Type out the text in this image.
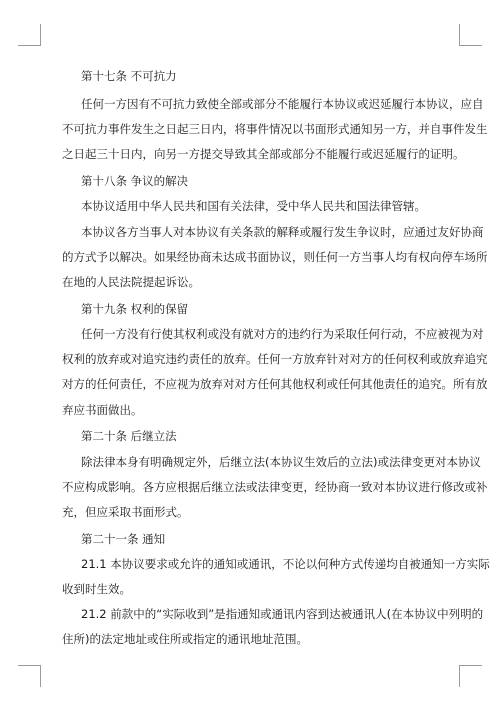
第十七条 不可抗力
任何一方因有不可抗力致使全部或部分不能履行本协议或迟延履行本协议，应自
不可抗力事件发生之日起三日内，将事件情况以书面形式通知另一方，并自事件发生
之日起三十日内，向另一方提交导致其全部或部分不能履行或迟延履行的证明。
第十八条 争议的解决
本协议适用中华人民共和国有关法律，受中华人民共和国法律管辖。
本协议各方当事人对本协议有关条款的解释或履行发生争议时，应通过友好协商
的方式予以解决。如果经协商未达成书面协议，则任何一方当事人均有权向停车场所
在地的人民法院提起诉讼。
第十九条 权利的保留
任何一方没有行使其权利或没有就对方的违约行为采取任何行动，不应被视为对
权利的放弃或对追究违约责任的放弃。任何一方放弃针对对方的任何权利或放弃追究
对方的任何责任，不应视为放弃对对方任何其他权利或任何其他责任的追究。所有放
弃应书面做出。
第二十条 后继立法
除法律本身有明确规定外，后继立法(本协议生效后的立法)或法律变更对本协议
不应构成影响。各方应根据后继立法或法律变更，经协商一致对本协议进行修改或补
充，但应采取书面形式。
第二十一条 通知
21.1 本协议要求或允许的通知或通讯，不论以何种方式传递均自被通知一方实际
收到时生效。
21.2 前款中的“实际收到”是指通知或通讯内容到达被通讯人(在本协议中列明的
住所)的法定地址或住所或指定的通讯地址范围。
